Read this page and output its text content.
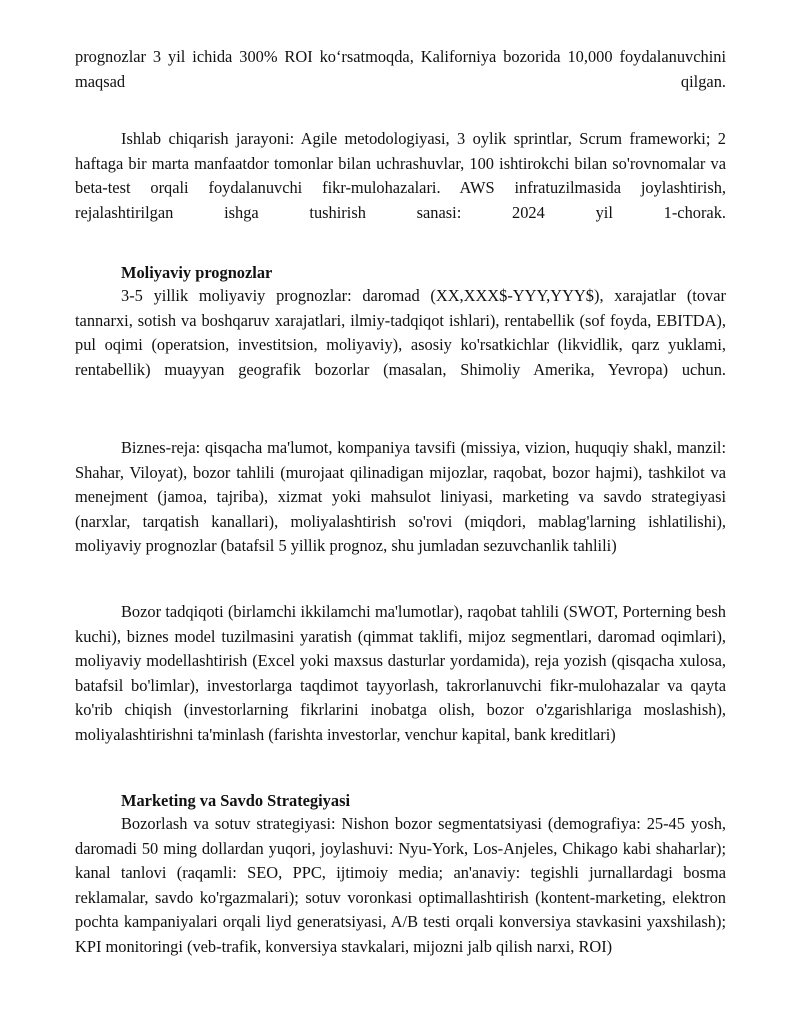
prognozlar 3 yil ichida 300% ROI koʻrsatmoqda, Kaliforniya bozorida 10,000 foydalanuvchini maqsad qilgan.

Ishlab chiqarish jarayoni: Agile metodologiyasi, 3 oylik sprintlar, Scrum frameworki; 2 haftaga bir marta manfaatdor tomonlar bilan uchrashuvlar, 100 ishtirokchi bilan so'rovnomalar va beta-test orqali foydalanuvchi fikr-mulohazalari. AWS infratuzilmasida joylashtirish, rejalashtirilgan ishga tushirish sanasi: 2024 yil 1-chorak.

Moliyaviy prognozlar

3-5 yillik moliyaviy prognozlar: daromad (XX,XXX$-YYY,YYY$), xarajatlar (tovar tannarxi, sotish va boshqaruv xarajatlari, ilmiy-tadqiqot ishlari), rentabellik (sof foyda, EBITDA), pul oqimi (operatsion, investitsion, moliyaviy), asosiy ko'rsatkichlar (likvidlik, qarz yuklami, rentabellik) muayyan geografik bozorlar (masalan, Shimoliy Amerika, Yevropa) uchun.

Biznes-reja: qisqacha ma'lumot, kompaniya tavsifi (missiya, vizion, huquqiy shakl, manzil: Shahar, Viloyat), bozor tahlili (murojaat qilinadigan mijozlar, raqobat, bozor hajmi), tashkilot va menejment (jamoa, tajriba), xizmat yoki mahsulot liniyasi, marketing va savdo strategiyasi (narxlar, tarqatish kanallari), moliyalashtirish so'rovi (miqdori, mablag'larning ishlatilishi), moliyaviy prognozlar (batafsil 5 yillik prognoz, shu jumladan sezuvchanlik tahlili)

Bozor tadqiqoti (birlamchi ikkilamchi ma'lumotlar), raqobat tahlili (SWOT, Porterning besh kuchi), biznes model tuzilmasini yaratish (qimmat taklifi, mijoz segmentlari, daromad oqimlari), moliyaviy modellashtirish (Excel yoki maxsus dasturlar yordamida), reja yozish (qisqacha xulosa, batafsil bo'limlar), investorlarga taqdimot tayyorlash, takrorlanuvchi fikr-mulohazalar va qayta ko'rib chiqish (investorlarning fikrlarini inobatga olish, bozor o'zgarishlariga moslashish), moliyalashtirishni ta'minlash (farishta investorlar, venchur kapital, bank kreditlari)

Marketing va Savdo Strategiyasi

Bozorlash va sotuv strategiyasi: Nishon bozor segmentatsiyasi (demografiya: 25-45 yosh, daromadi 50 ming dollardan yuqori, joylashuvi: Nyu-York, Los-Anjeles, Chikago kabi shaharlar); kanal tanlovi (raqamli: SEO, PPC, ijtimoiy media; an'anaviy: tegishli jurnallardagi bosma reklamalar, savdo ko'rgazmalari); sotuv voronkasi optimallashtirish (kontent-marketing, elektron pochta kampaniyalari orqali liyd generatsiyasi, A/B testi orqali konversiya stavkasini yaxshilash); KPI monitoringi (veb-trafik, konversiya stavkalari, mijozni jalb qilish narxi, ROI)
